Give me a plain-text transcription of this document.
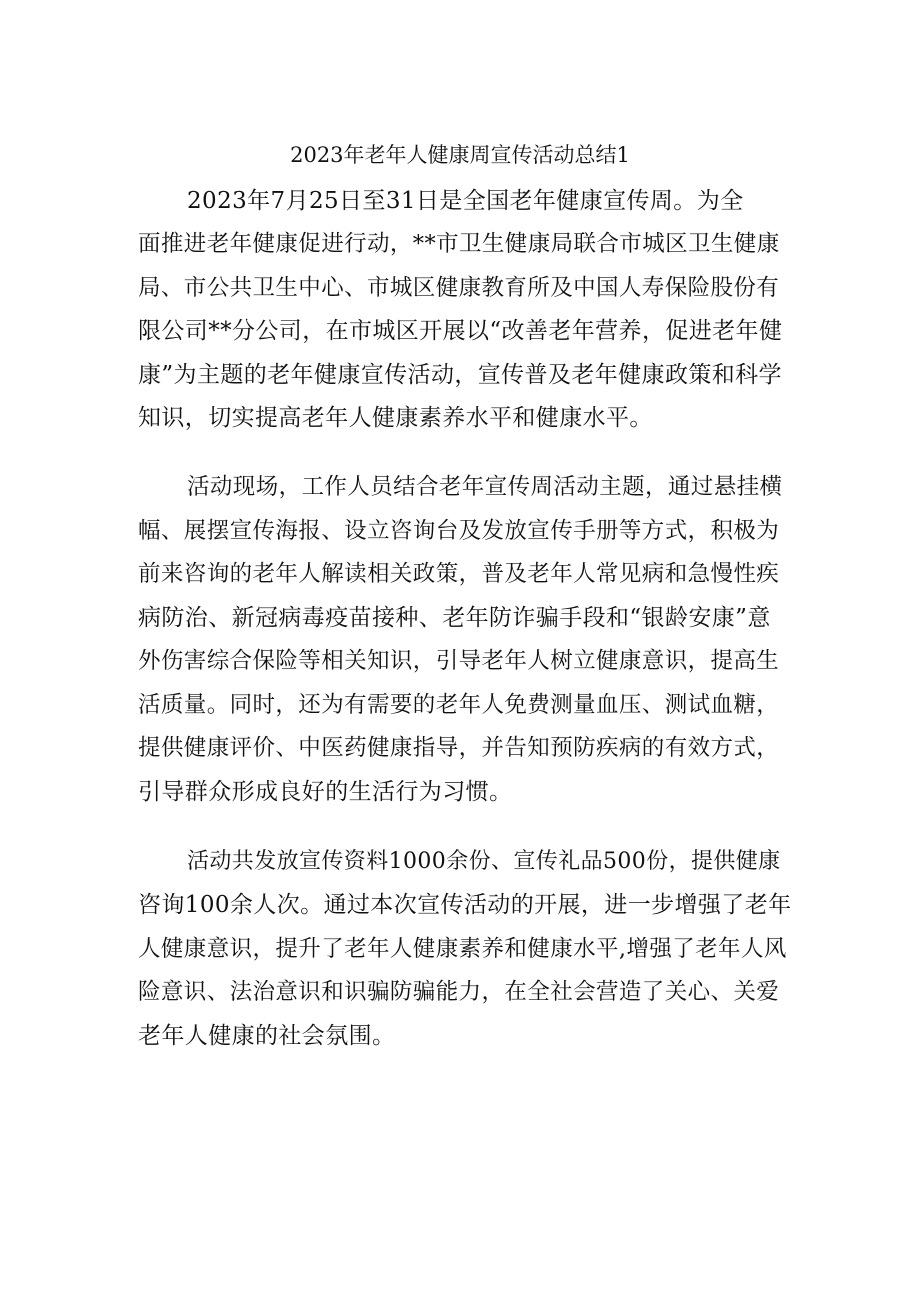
2023年老年人健康周宣传活动总结1
2023年7月25日至31日是全国老年健康宣传周。为全
面推进老年健康促进行动，**市卫生健康局联合市城区卫生健康
局、市公共卫生中心、市城区健康教育所及中国人寿保险股份有
限公司**分公司，在市城区开展以“改善老年营养，促进老年健
康”为主题的老年健康宣传活动，宣传普及老年健康政策和科学
知识，切实提高老年人健康素养水平和健康水平。
活动现场，工作人员结合老年宣传周活动主题，通过悬挂横
幅、展摆宣传海报、设立咨询台及发放宣传手册等方式，积极为
前来咨询的老年人解读相关政策，普及老年人常见病和急慢性疾
病防治、新冠病毒疫苗接种、老年防诈骗手段和“银龄安康”意
外伤害综合保险等相关知识，引导老年人树立健康意识，提高生
活质量。同时，还为有需要的老年人免费测量血压、测试血糖，
提供健康评价、中医药健康指导，并告知预防疾病的有效方式，
引导群众形成良好的生活行为习惯。
活动共发放宣传资料1000余份、宣传礼品500份，提供健康
咨询100余人次。通过本次宣传活动的开展，进一步增强了老年
人健康意识，提升了老年人健康素养和健康水平,增强了老年人风
险意识、法治意识和识骗防骗能力，在全社会营造了关心、关爱
老年人健康的社会氛围。
